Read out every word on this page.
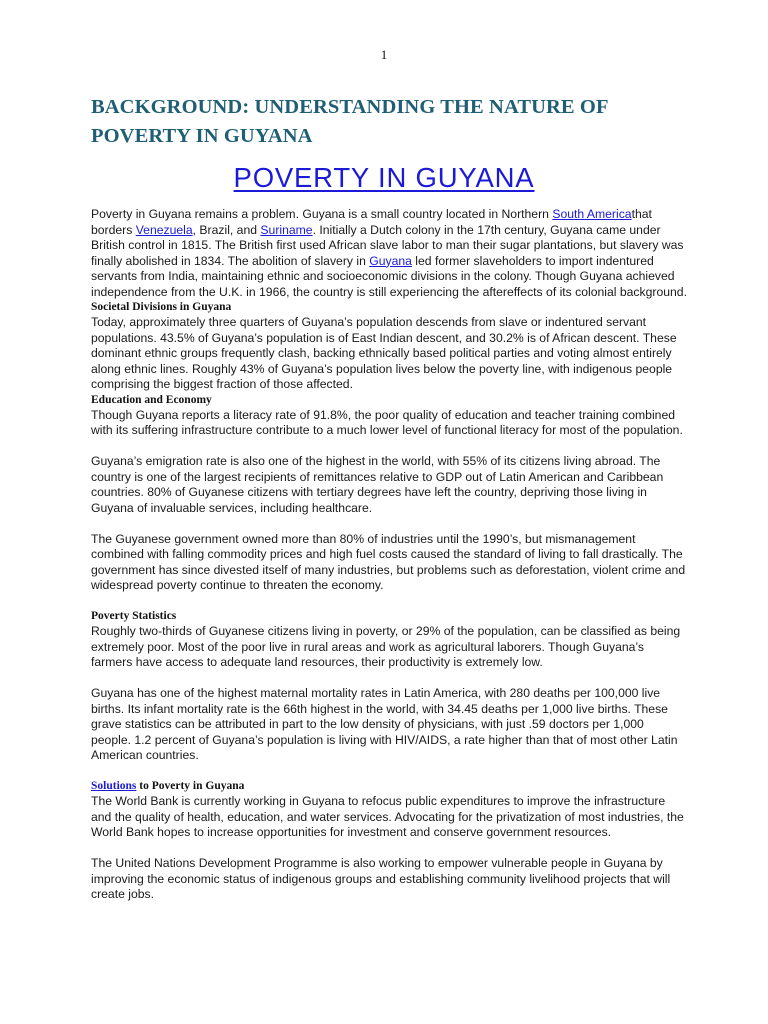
1
BACKGROUND: UNDERSTANDING THE NATURE OF POVERTY IN GUYANA
POVERTY IN GUYANA

Poverty in Guyana remains a problem. Guyana is a small country located in Northern South Americathat borders Venezuela, Brazil, and Suriname. Initially a Dutch colony in the 17th century, Guyana came under British control in 1815. The British first used African slave labor to man their sugar plantations, but slavery was finally abolished in 1834. The abolition of slavery in Guyana led former slaveholders to import indentured servants from India, maintaining ethnic and socioeconomic divisions in the colony. Though Guyana achieved independence from the U.K. in 1966, the country is still experiencing the aftereffects of its colonial background.

Societal Divisions in Guyana

Today, approximately three quarters of Guyana’s population descends from slave or indentured servant populations. 43.5% of Guyana’s population is of East Indian descent, and 30.2% is of African descent. These dominant ethnic groups frequently clash, backing ethnically based political parties and voting almost entirely along ethnic lines. Roughly 43% of Guyana’s population lives below the poverty line, with indigenous people comprising the biggest fraction of those affected.

Education and Economy

Though Guyana reports a literacy rate of 91.8%, the poor quality of education and teacher training combined with its suffering infrastructure contribute to a much lower level of functional literacy for most of the population.

Guyana’s emigration rate is also one of the highest in the world, with 55% of its citizens living abroad. The country is one of the largest recipients of remittances relative to GDP out of Latin American and Caribbean countries. 80% of Guyanese citizens with tertiary degrees have left the country, depriving those living in Guyana of invaluable services, including healthcare.

The Guyanese government owned more than 80% of industries until the 1990’s, but mismanagement combined with falling commodity prices and high fuel costs caused the standard of living to fall drastically. The government has since divested itself of many industries, but problems such as deforestation, violent crime and widespread poverty continue to threaten the economy.

Poverty Statistics

Roughly two-thirds of Guyanese citizens living in poverty, or 29% of the population, can be classified as being extremely poor. Most of the poor live in rural areas and work as agricultural laborers. Though Guyana’s farmers have access to adequate land resources, their productivity is extremely low.

Guyana has one of the highest maternal mortality rates in Latin America, with 280 deaths per 100,000 live births. Its infant mortality rate is the 66th highest in the world, with 34.45 deaths per 1,000 live births. These grave statistics can be attributed in part to the low density of physicians, with just .59 doctors per 1,000 people. 1.2 percent of Guyana’s population is living with HIV/AIDS, a rate higher than that of most other Latin American countries.

Solutions to Poverty in Guyana

The World Bank is currently working in Guyana to refocus public expenditures to improve the infrastructure and the quality of health, education, and water services. Advocating for the privatization of most industries, the World Bank hopes to increase opportunities for investment and conserve government resources.

The United Nations Development Programme is also working to empower vulnerable people in Guyana by improving the economic status of indigenous groups and establishing community livelihood projects that will create jobs.
